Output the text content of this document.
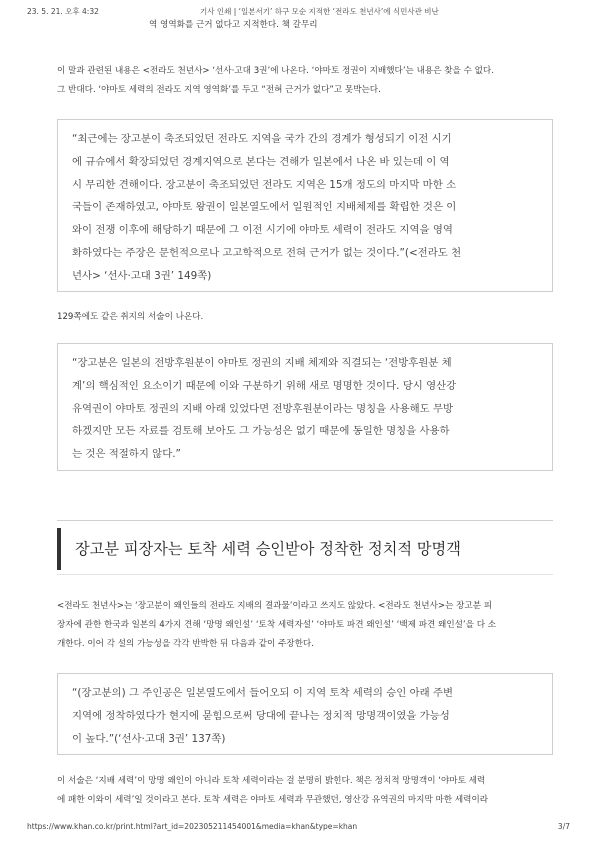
23. 5. 21. 오후 4:32	기사 인쇄 | ‘일본서기’ 하구 모순 지적한 ‘전라도 천년사’에 식민사관 비난
역 영역화를 근거 없다고 지적한다. 책 갈무리
이 말과 관련된 내용은 <전라도 천년사> ‘선사·고대 3권’에 나온다. ‘야마토 정권이 지배했다’는 내용은 찾을 수 없다.
그 반대다. ‘야마토 세력의 전라도 지역 영역화’를 두고 “전혀 근거가 없다”고 못박는다.
“최근에는 장고분이 축조되었던 전라도 지역을 국가 간의 경계가 형성되기 이전 시기
에 규슈에서 확장되었던 경계지역으로 본다는 견해가 일본에서 나온 바 있는데 이 역
시 무리한 견해이다. 장고분이 축조되었던 전라도 지역은 15개 정도의 마지막 마한 소
국들이 존재하였고, 야마토 왕권이 일본열도에서 일원적인 지배체제를 확립한 것은 이
와이 전쟁 이후에 해당하기 때문에 그 이전 시기에 야마토 세력이 전라도 지역을 영역
화하였다는 주장은 문헌적으로나 고고학적으로 전혀 근거가 없는 것이다.”(<전라도 천
년사> ‘선사·고대 3권’ 149쪽)
129쪽에도 같은 취지의 서술이 나온다.
“장고분은 일본의 전방후원분이 야마토 정권의 지배 체제와 직결되는 ‘전방후원분 체
계’의 핵심적인 요소이기 때문에 이와 구분하기 위해 새로 명명한 것이다. 당시 영산강
유역권이 야마토 정권의 지배 아래 있었다면 전방후원분이라는 명칭을 사용해도 무방
하겠지만 모든 자료를 검토해 보아도 그 가능성은 없기 때문에 동일한 명칭을 사용하
는 것은 적절하지 않다.”
장고분 피장자는 토착 세력 승인받아 정착한 정치적 망명객
<전라도 천년사>는 ‘장고분이 왜인들의 전라도 지배의 결과물’이라고 쓰지도 않았다. <전라도 천년사>는 장고분 피
장자에 관한 한국과 일본의 4가지 견해 ‘망명 왜인설’ ‘토착 세력자설’ ‘야마토 파견 왜인설’ ‘백제 파견 왜인설’을 다 소
개한다. 이어 각 설의 가능성을 각각 반박한 뒤 다음과 같이 주장한다.
“(장고분의) 그 주인공은 일본열도에서 들어오되 이 지역 토착 세력의 승인 아래 주변
지역에 정착하였다가 현지에 묻힘으로써 당대에 끝나는 정치적 망명객이였을 가능성
이 높다.”(‘선사·고대 3권’ 137쪽)
이 서술은 ‘지배 세력’이 망명 왜인이 아니라 토착 세력이라는 걸 분명히 밝힌다. 책은 정치적 망명객이 ‘야마토 세력
에 패한 이와이 세력’일 것이라고 본다. 토착 세력은 야마토 세력과 무관했던, 영산강 유역권의 마지막 마한 세력이라
https://www.khan.co.kr/print.html?art_id=202305211454001&media=khan&type=khan	3/7
